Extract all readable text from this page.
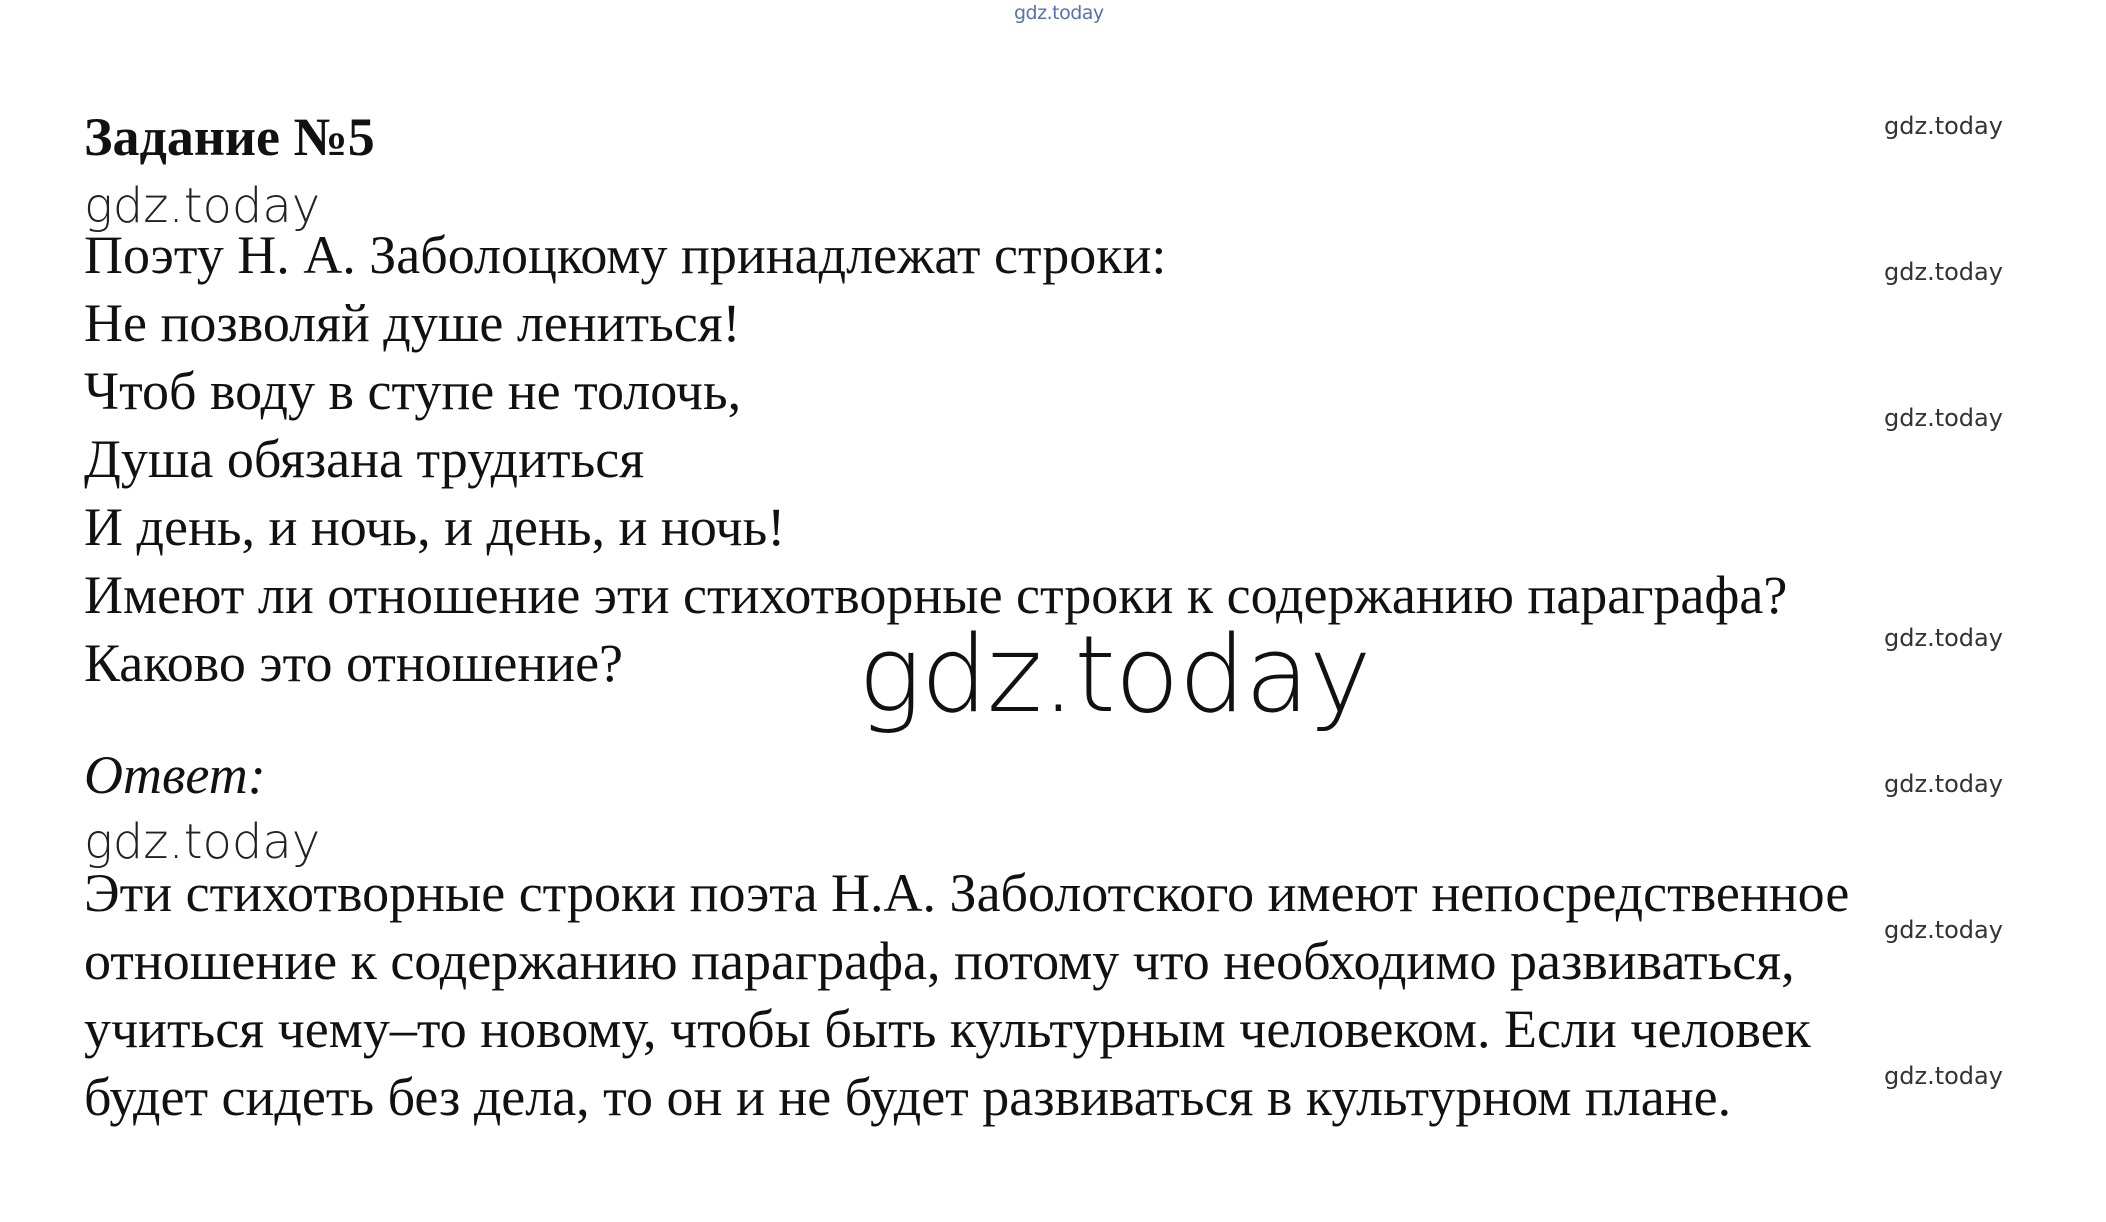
gdz.today
gdz.today
gdz.today
gdz.today
gdz.today
gdz.today
gdz.today
gdz.today
Задание №5
gdz.today
Поэту Н. А. Заболоцкому принадлежат строки:
Не позволяй душе лениться!
Чтоб воду в ступе не толочь,
Душа обязана трудиться
И день, и ночь, и день, и ночь!
Имеют ли отношение эти стихотворные строки к содержанию параграфа?
Каково это отношение? gdz.today
Ответ:
gdz.today
Эти стихотворные строки поэта Н.А. Заболотского имеют непосредственное
отношение к содержанию параграфа, потому что необходимо развиваться,
учиться чему–то новому, чтобы быть культурным человеком. Если человек
будет сидеть без дела, то он и не будет развиваться в культурном плане.
